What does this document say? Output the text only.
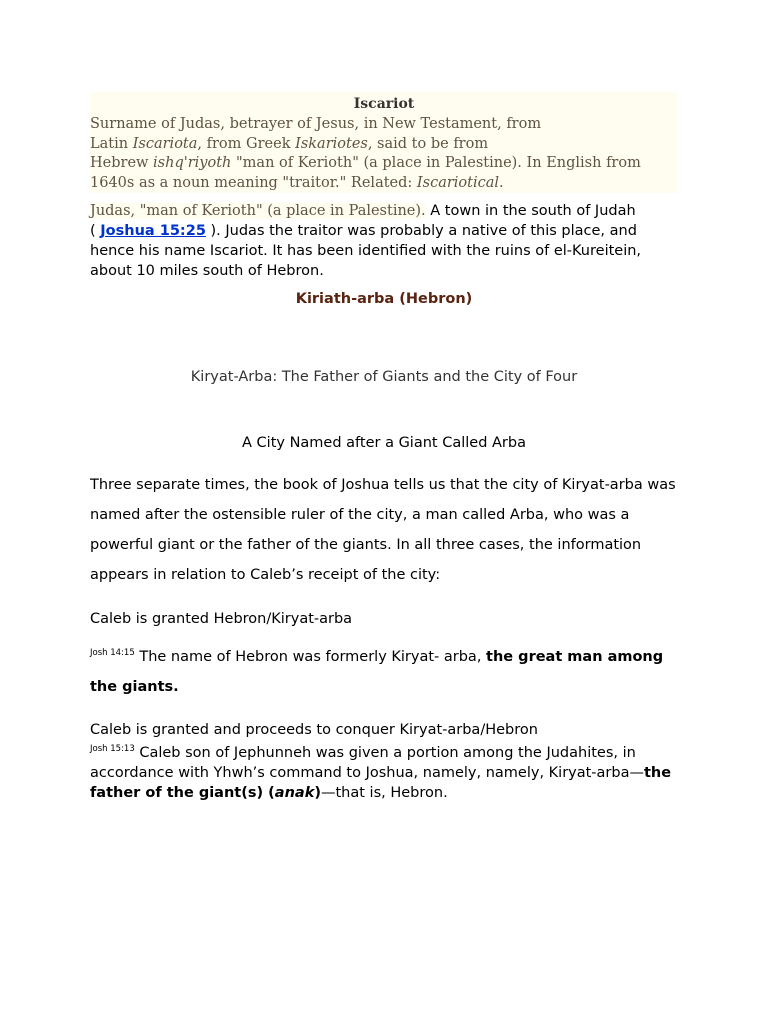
Iscariot
Surname of Judas, betrayer of Jesus, in New Testament, from
Latin Iscariota, from Greek Iskariotes, said to be from
Hebrew ishq'riyoth "man of Kerioth" (a place in Palestine). In English from
1640s as a noun meaning "traitor." Related: Iscariotical.
Judas, "man of Kerioth" (a place in Palestine). A town in the south of Judah
( Joshua 15:25 ). Judas the traitor was probably a native of this place, and hence his name Iscariot. It has been identified with the ruins of el-Kureitein, about 10 miles south of Hebron.
Kiriath-arba (Hebron)
Kiryat-Arba: The Father of Giants and the City of Four
A City Named after a Giant Called Arba
Three separate times, the book of Joshua tells us that the city of Kiryat-arba was named after the ostensible ruler of the city, a man called Arba, who was a powerful giant or the father of the giants. In all three cases, the information appears in relation to Caleb’s receipt of the city:
Caleb is granted Hebron/Kiryat-arba
$^{Josh 14:15}$ The name of Hebron was formerly Kiryat- arba, the great man among the giants.
Caleb is granted and proceeds to conquer Kiryat-arba/Hebron
$^{Josh 15:13}$ Caleb son of Jephunneh was given a portion among the Judahites, in accordance with Yhwh’s command to Joshua, namely, namely, Kiryat-arba—the father of the giant(s) (anak)—that is, Hebron.
